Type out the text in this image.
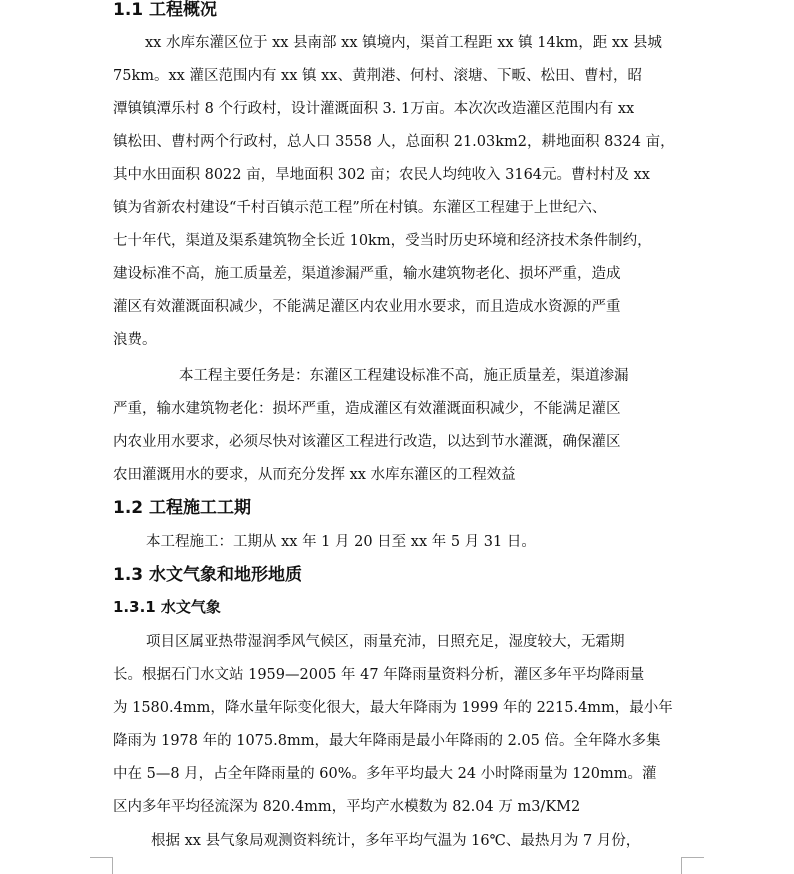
1.1 工程概况
xx 水库东灌区位于 xx 县南部 xx 镇境内，渠首工程距 xx 镇 14km，距 xx 县城
75km。xx 灌区范围内有 xx 镇 xx、黄荆港、何村、滚塘、下畈、松田、曹村，昭
潭镇镇潭乐村 8 个行政村，设计灌溉面积 3. 1万亩。本次次改造灌区范围内有 xx
镇松田、曹村两个行政村，总人口 3558 人，总面积 21.03km2，耕地面积 8324 亩，
其中水田面积 8022 亩，旱地面积 302 亩；农民人均纯收入 3164元。曹村村及 xx
镇为省新农村建设“千村百镇示范工程”所在村镇。东灌区工程建于上世纪六、
七十年代，渠道及渠系建筑物全长近 10km，受当时历史环境和经济技术条件制约，
建设标准不高，施工质量差，渠道渗漏严重，输水建筑物老化、损坏严重，造成
灌区有效灌溉面积减少，不能满足灌区内农业用水要求，而且造成水资源的严重
浪费。
本工程主要任务是：东灌区工程建设标准不高，施正质量差，渠道渗漏
严重，输水建筑物老化：损坏严重，造成灌区有效灌溉面积减少，不能满足灌区
内农业用水要求，必须尽快对该灌区工程进行改造，以达到节水灌溉，确保灌区
农田灌溉用水的要求，从而充分发挥 xx 水库东灌区的工程效益
1.2 工程施工工期
本工程施工：工期从 xx 年 1 月 20 日至 xx 年 5 月 31 日。
1.3 水文气象和地形地质
1.3.1 水文气象
项目区属亚热带湿润季风气候区，雨量充沛，日照充足，湿度较大，无霜期
长。根据石门水文站 1959—2005 年 47 年降雨量资料分析，灌区多年平均降雨量
为 1580.4mm，降水量年际变化很大，最大年降雨为 1999 年的 2215.4mm，最小年
降雨为 1978 年的 1075.8mm，最大年降雨是最小年降雨的 2.05 倍。全年降水多集
中在 5—8 月，占全年降雨量的 60%。多年平均最大 24 小时降雨量为 120mm。灌
区内多年平均径流深为 820.4mm，平均产水模数为 82.04 万 m3/KM2
根据 xx 县气象局观测资料统计，多年平均气温为 16℃、最热月为 7 月份，
